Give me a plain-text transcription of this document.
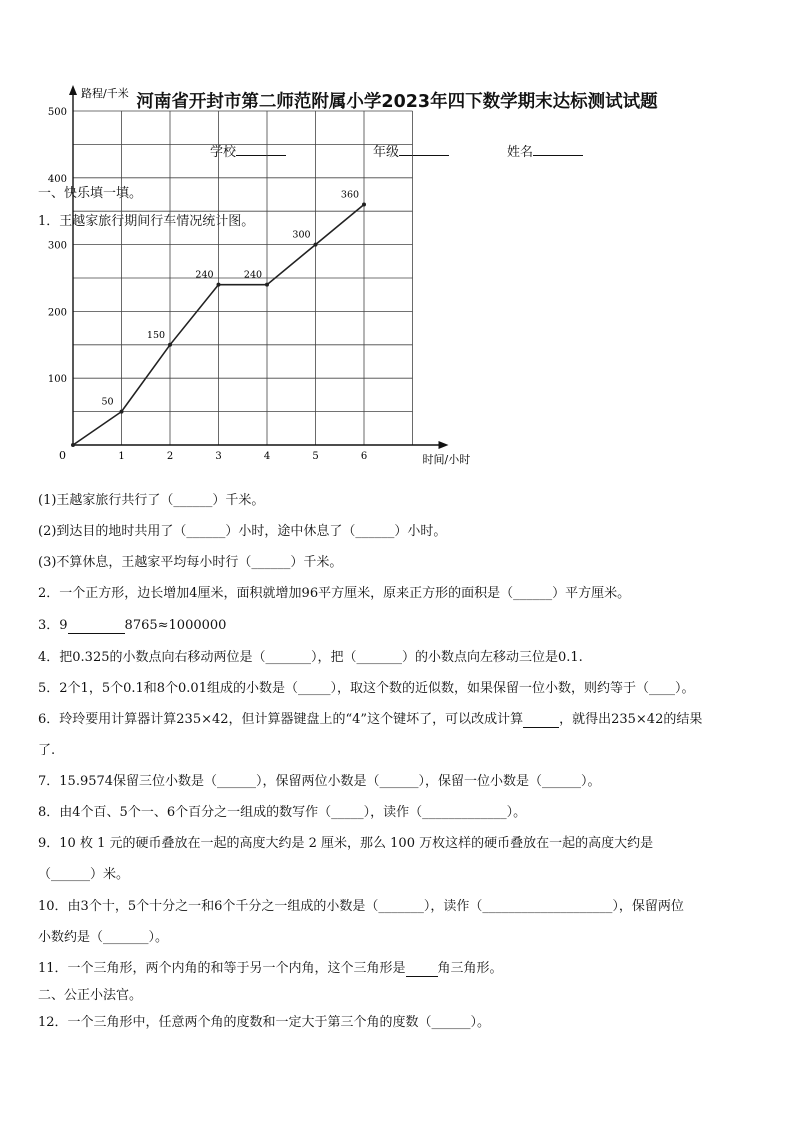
河南省开封市第二师范附属小学2023年四下数学期末达标测试试题
学校	年级	姓名
一、快乐填一填。
1．王越家旅行期间行车情况统计图。
路程/千米
时间/小时
0	1	2	3	4	5	6
100
200
300
400
500
50
150
240	240
300
360
(1)王越家旅行共行了（______）千米。
(2)到达目的地时共用了（______）小时，途中休息了（______）小时。
(3)不算休息，王越家平均每小时行（______）千米。
2．一个正方形，边长增加4厘米，面积就增加96平方厘米，原来正方形的面积是（______）平方厘米。
3．9	8765≈1000000
4．把0.325的小数点向右移动两位是（_______），把（_______）的小数点向左移动三位是0.1.
5．2个1，5个0.1和8个0.01组成的小数是（_____），取这个数的近似数，如果保留一位小数，则约等于（____）。
6．玲玲要用计算器计算235×42，但计算器键盘上的“4”这个键坏了，可以改成计算	，就得出235×42的结果
了.
7．15.9574保留三位小数是（______），保留两位小数是（______），保留一位小数是（______）。
8．由4个百、5个一、6个百分之一组成的数写作（_____），读作（_____________）。
9．10 枚 1 元的硬币叠放在一起的高度大约是 2 厘米，那么 100 万枚这样的硬币叠放在一起的高度大约是
（______）米。
10．由3个十，5个十分之一和6个千分之一组成的小数是（_______），读作（____________________），保留两位
小数约是（_______）。
11．一个三角形，两个内角的和等于另一个内角，这个三角形是 角三角形。
二、公正小法官。
12．一个三角形中，任意两个角的度数和一定大于第三个角的度数（______）。
